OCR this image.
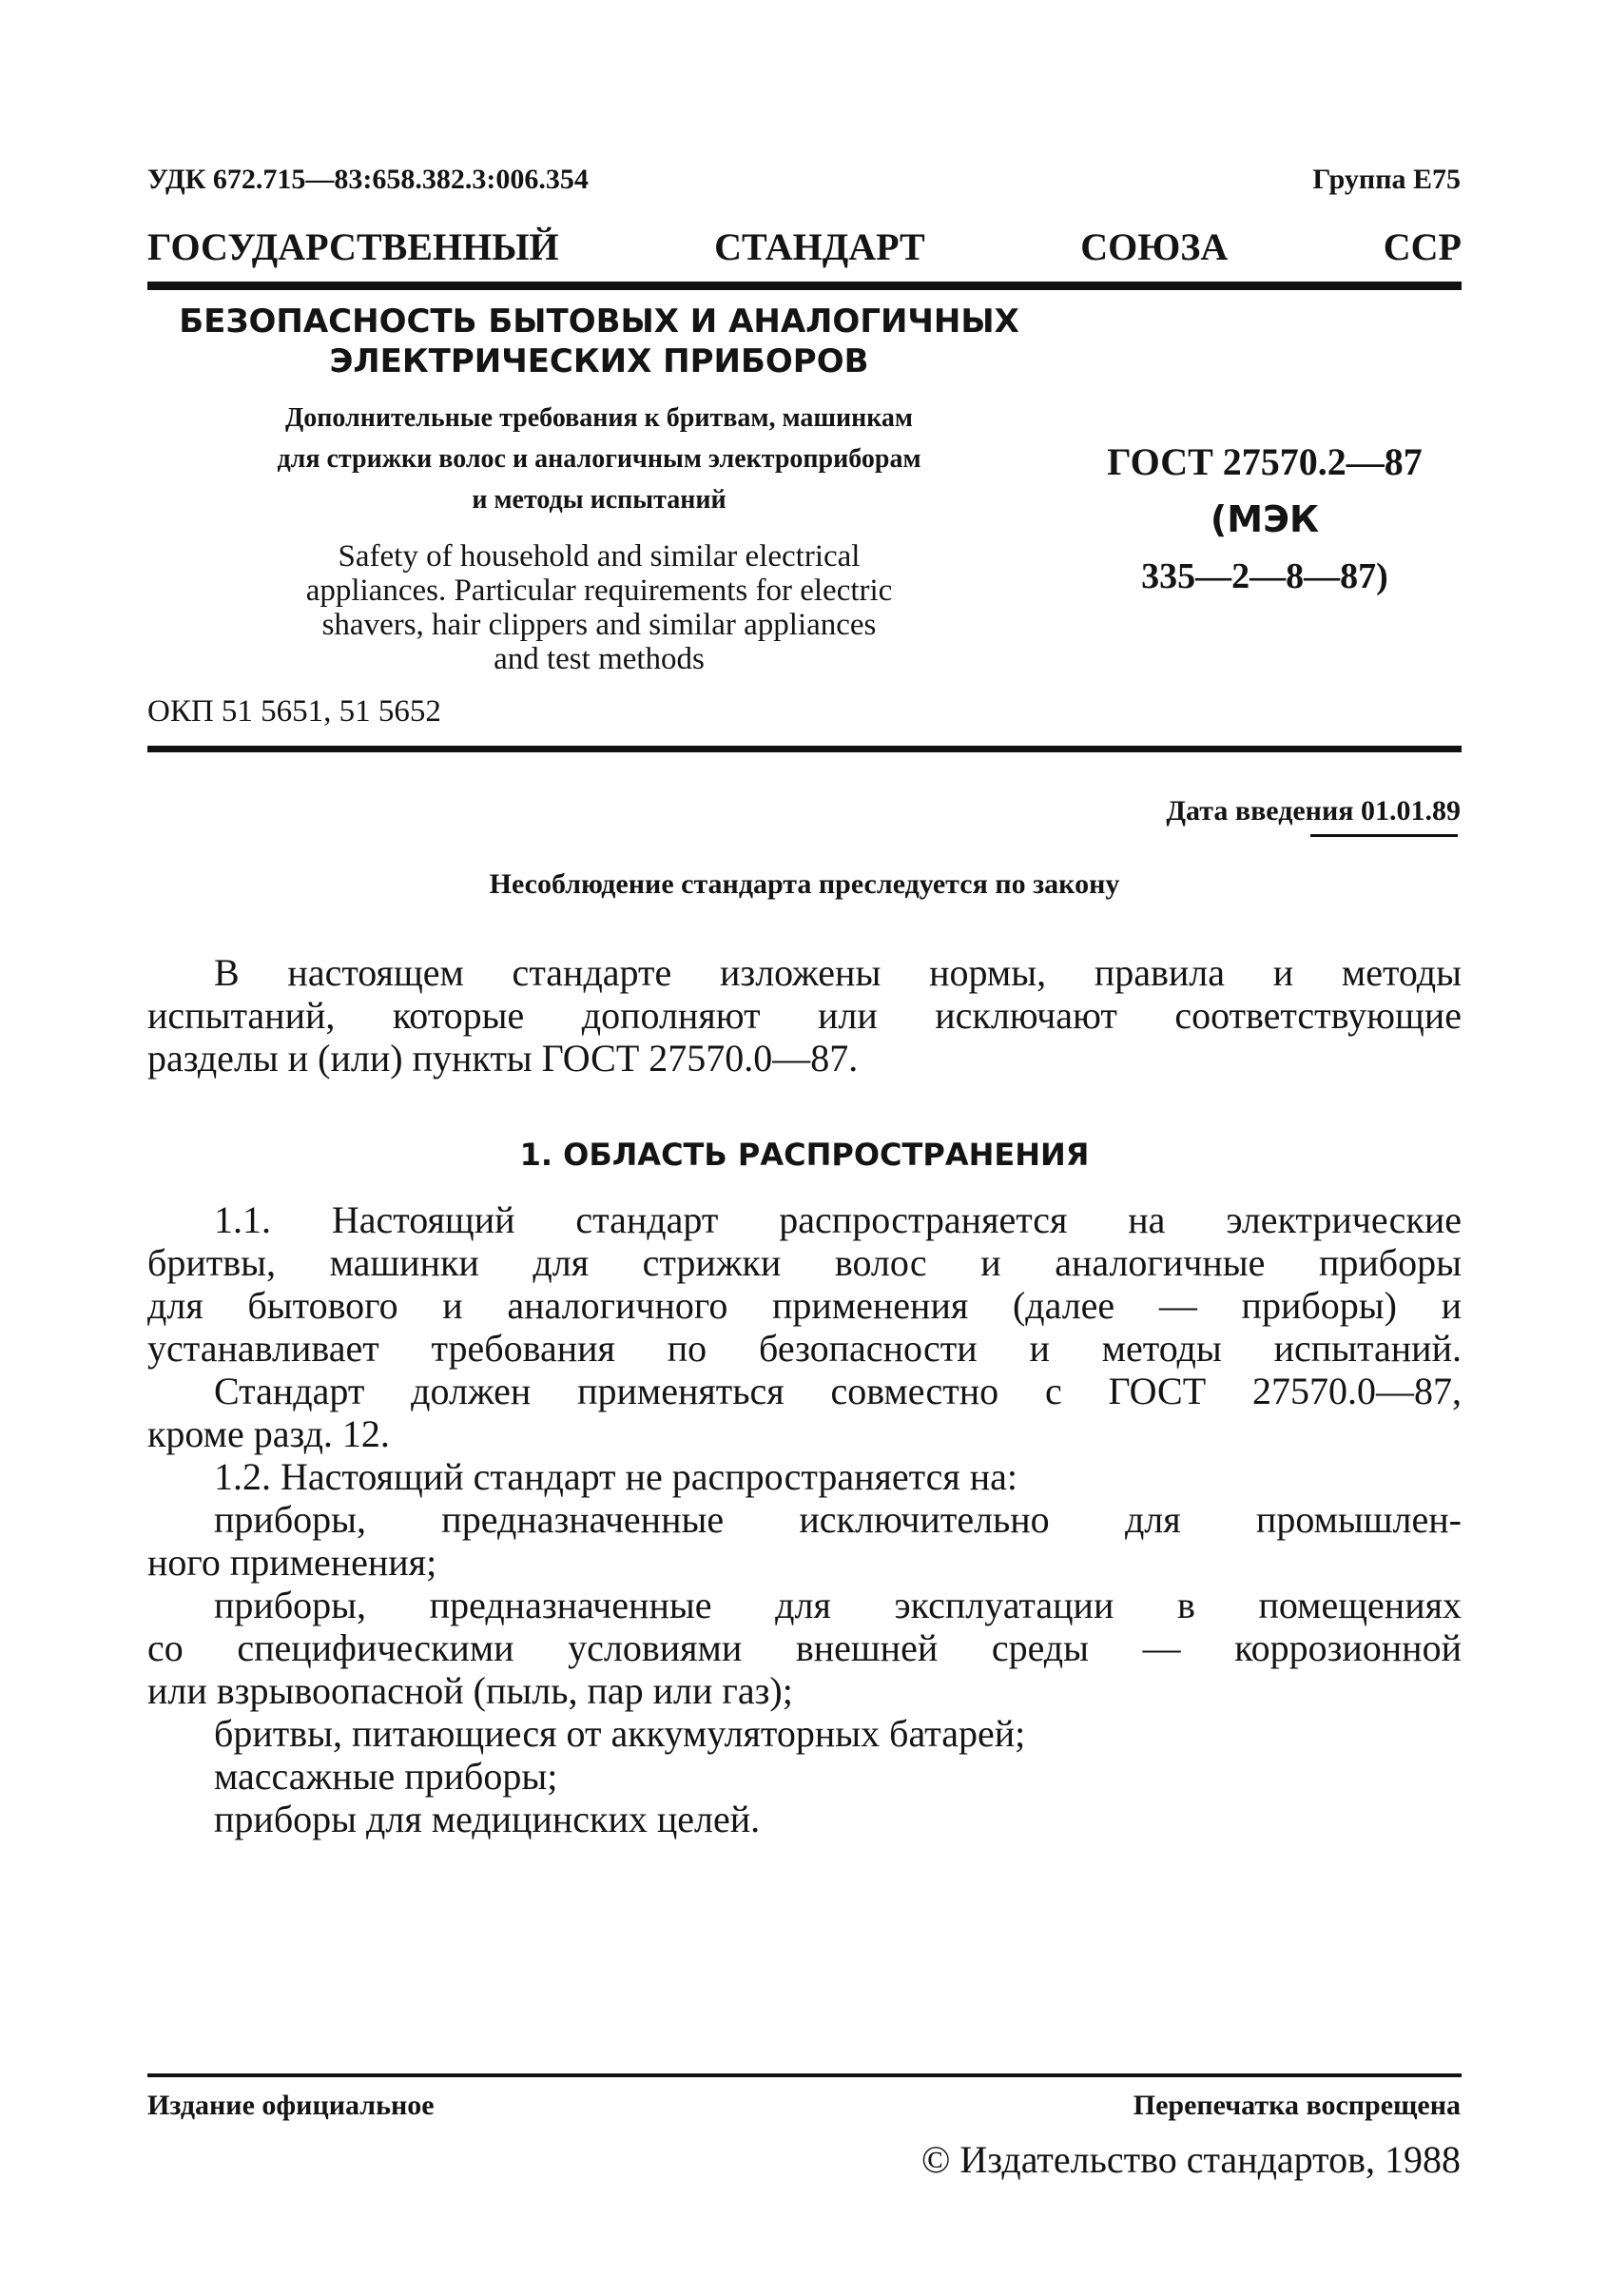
УДК 672.715—83:658.382.3:006.354	Группа Е75
ГОСУДАРСТВЕННЫЙ СТАНДАРТ СОЮЗА ССР
БЕЗОПАСНОСТЬ БЫТОВЫХ И АНАЛОГИЧНЫХ
ЭЛЕКТРИЧЕСКИХ ПРИБОРОВ
Дополнительные требования к бритвам, машинкам
для стрижки волос и аналогичным электроприборам
и методы испытаний
Safety of household and similar electrical
appliances. Particular requirements for electric
shavers, hair clippers and similar appliances
and test methods
ГОСТ 27570.2—87
(МЭК
335—2—8—87)
ОКП 51 5651, 51 5652
Дата введения 01.01.89
Несоблюдение стандарта преследуется по закону
В настоящем стандарте изложены нормы, правила и методы
испытаний, которые дополняют или исключают соответствующие
разделы и (или) пункты ГОСТ 27570.0—87.
1. ОБЛАСТЬ РАСПРОСТРАНЕНИЯ
1.1. Настоящий стандарт распространяется на электрические
бритвы, машинки для стрижки волос и аналогичные приборы
для бытового и аналогичного применения (далее — приборы) и
устанавливает требования по безопасности и методы испытаний.
Стандарт должен применяться совместно с ГОСТ 27570.0—87,
кроме разд. 12.
1.2. Настоящий стандарт не распространяется на:
приборы, предназначенные исключительно для промышлен-
ного применения;
приборы, предназначенные для эксплуатации в помещениях
со специфическими условиями внешней среды — коррозионной
или взрывоопасной (пыль, пар или газ);
бритвы, питающиеся от аккумуляторных батарей;
массажные приборы;
приборы для медицинских целей.
Издание официальное	Перепечатка воспрещена
© Издательство стандартов, 1988
